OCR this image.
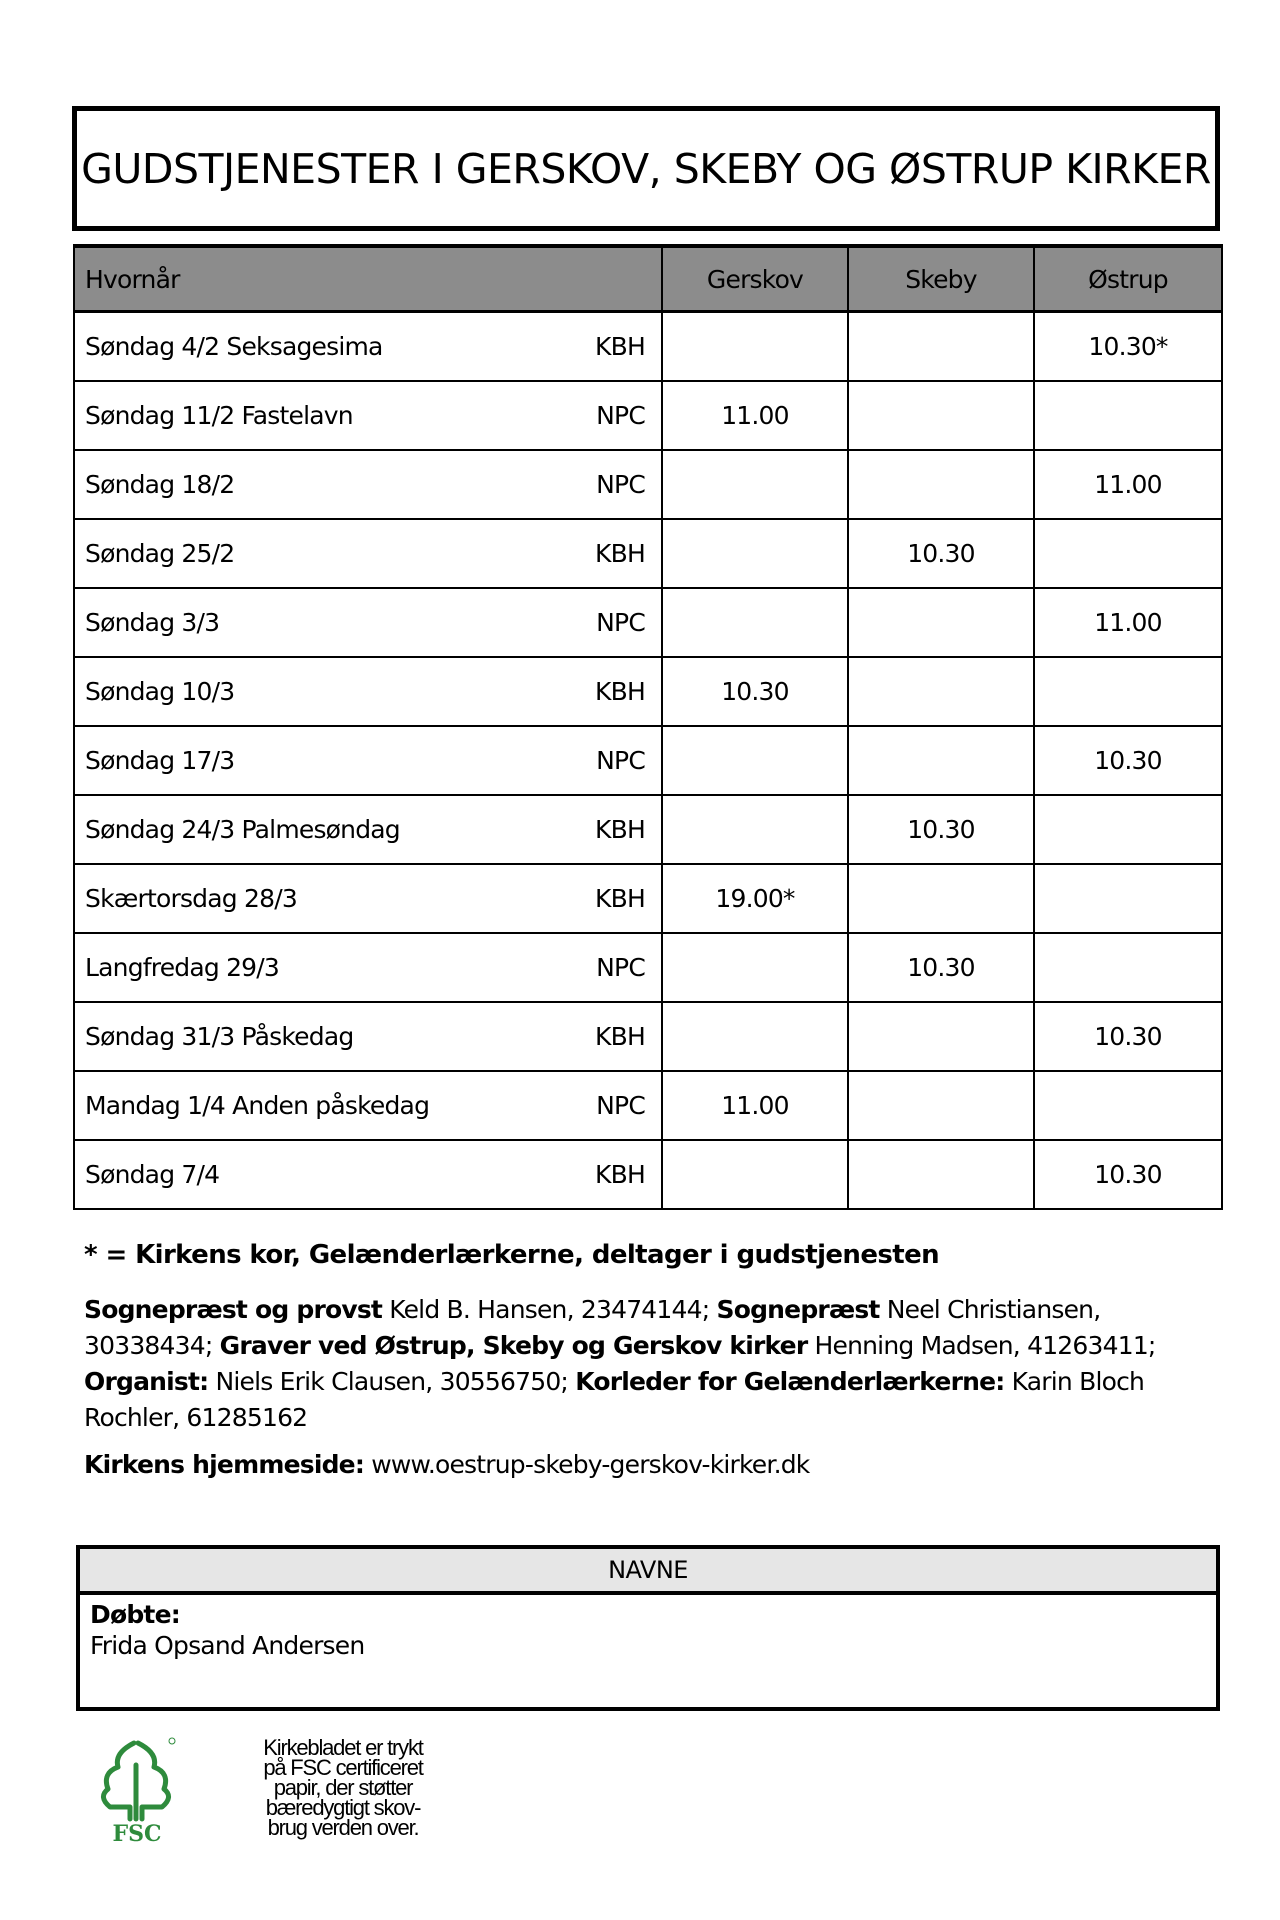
GUDSTJENESTER I GERSKOV, SKEBY OG ØSTRUP KIRKER
Hvornår	Gerskov	Skeby	Østrup

Søndag 4/2 Seksagesima KBH			10.30*

Søndag 11/2 Fastelavn NPC	11.00		

Søndag 18/2 NPC			11.00

Søndag 25/2 KBH		10.30	

Søndag 3/3 NPC			11.00

Søndag 10/3 KBH	10.30		

Søndag 17/3 NPC			10.30

Søndag 24/3 Palmesøndag KBH		10.30	

Skærtorsdag 28/3 KBH	19.00*		

Langfredag 29/3 NPC		10.30	

Søndag 31/3 Påskedag KBH			10.30

Mandag 1/4 Anden påskedag NPC	11.00		

Søndag 7/4 KBH			10.30
* = Kirkens kor, Gelænderlærkerne, deltager i gudstjenesten
Sognepræst og provst Keld B. Hansen, 23474144; Sognepræst Neel Christiansen, 30338434; Graver ved Østrup, Skeby og Gerskov kirker Henning Madsen, 41263411; Organist: Niels Erik Clausen, 30556750; Korleder for Gelænderlærkerne: Karin Bloch Rochler, 61285162
Kirkens hjemmeside: www.oestrup-skeby-gerskov-kirker.dk
NAVNE
Døbte:
Frida Opsand Andersen
FSC
Kirkebladet er trykt
på FSC certificeret
papir, der støtter
bæredygtigt skov-
brug verden over.
